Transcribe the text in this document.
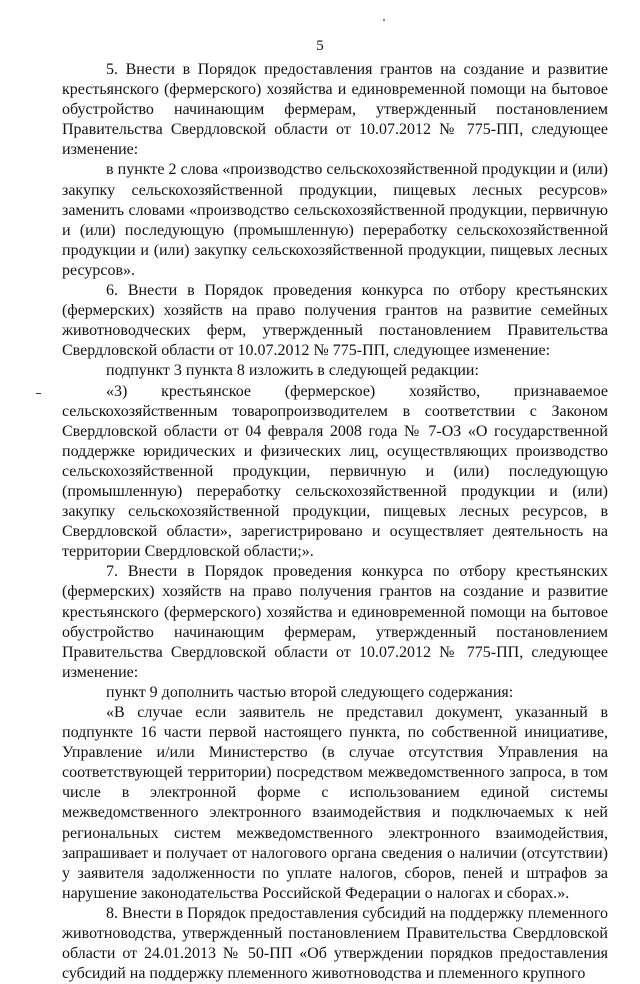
5

5. Внести в Порядок предоставления грантов на создание и развитие крестьянского (фермерского) хозяйства и единовременной помощи на бытовое обустройство начинающим фермерам, утвержденный постановлением Правительства Свердловской области от 10.07.2012 № 775-ПП, следующее изменение:

в пункте 2 слова «производство сельскохозяйственной продукции и (или) закупку сельскохозяйственной продукции, пищевых лесных ресурсов» заменить словами «производство сельскохозяйственной продукции, первичную и (или) последующую (промышленную) переработку сельскохозяйственной продукции и (или) закупку сельскохозяйственной продукции, пищевых лесных ресурсов».

6. Внести в Порядок проведения конкурса по отбору крестьянских (фермерских) хозяйств на право получения грантов на развитие семейных животноводческих ферм, утвержденный постановлением Правительства Свердловской области от 10.07.2012 № 775-ПП, следующее изменение:

подпункт 3 пункта 8 изложить в следующей редакции:

«3) крестьянское (фермерское) хозяйство, признаваемое сельскохозяйственным товаропроизводителем в соответствии с Законом Свердловской области от 04 февраля 2008 года № 7-ОЗ «О государственной поддержке юридических и физических лиц, осуществляющих производство сельскохозяйственной продукции, первичную и (или) последующую (промышленную) переработку сельскохозяйственной продукции и (или) закупку сельскохозяйственной продукции, пищевых лесных ресурсов, в Свердловской области», зарегистрировано и осуществляет деятельность на территории Свердловской области;».

7. Внести в Порядок проведения конкурса по отбору крестьянских (фермерских) хозяйств на право получения грантов на создание и развитие крестьянского (фермерского) хозяйства и единовременной помощи на бытовое обустройство начинающим фермерам, утвержденный постановлением Правительства Свердловской области от 10.07.2012 № 775-ПП, следующее изменение:

пункт 9 дополнить частью второй следующего содержания:

«В случае если заявитель не представил документ, указанный в подпункте 16 части первой настоящего пункта, по собственной инициативе, Управление и/или Министерство (в случае отсутствия Управления на соответствующей территории) посредством межведомственного запроса, в том числе в электронной форме с использованием единой системы межведомственного электронного взаимодействия и подключаемых к ней региональных систем межведомственного электронного взаимодействия, запрашивает и получает от налогового органа сведения о наличии (отсутствии) у заявителя задолженности по уплате налогов, сборов, пеней и штрафов за нарушение законодательства Российской Федерации о налогах и сборах.».

8. Внести в Порядок предоставления субсидий на поддержку племенного животноводства, утвержденный постановлением Правительства Свердловской области от 24.01.2013 № 50-ПП «Об утверждении порядков предоставления субсидий на поддержку племенного животноводства и племенного крупного
